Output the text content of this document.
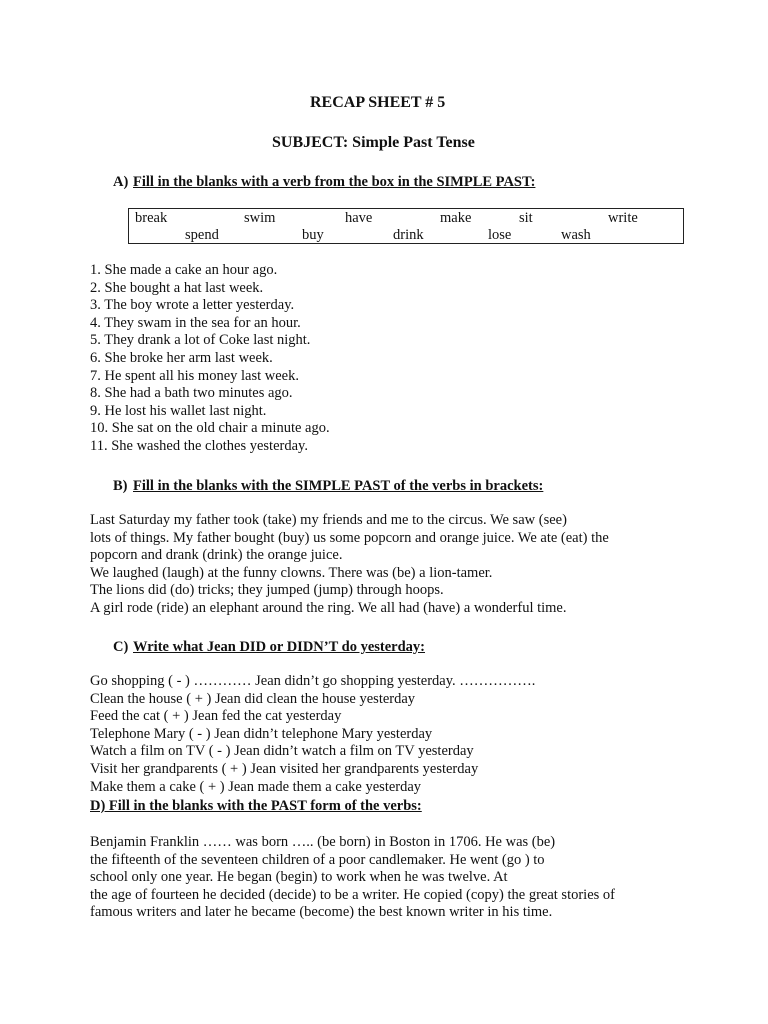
RECAP SHEET # 5
SUBJECT: Simple Past Tense
A) Fill in the blanks with a verb from the box in the SIMPLE PAST:
break	swim	have	make	sit	write
spend	buy	drink	lose	wash
1. She made a cake an hour ago.
2. She bought a hat last week.
3. The boy wrote a letter yesterday.
4. They swam in the sea for an hour.
5. They drank a lot of Coke last night.
6. She broke her arm last week.
7. He spent all his money last week.
8. She had a bath two minutes ago.
9. He lost his wallet last night.
10. She sat on the old chair a minute ago.
11. She washed the clothes yesterday.
B) Fill in the blanks with the SIMPLE PAST of the verbs in brackets:
Last Saturday my father took (take) my friends and me to the circus. We saw (see)
lots of things. My father bought (buy) us some popcorn and orange juice. We ate (eat) the
popcorn and drank (drink) the orange juice.
We laughed (laugh) at the funny clowns. There was (be) a lion-tamer.
The lions did (do) tricks; they jumped (jump) through hoops.
A girl rode (ride) an elephant around the ring. We all had (have) a wonderful time.
C) Write what Jean DID or DIDN’T do yesterday:
Go shopping ( - ) ………… Jean didn’t go shopping yesterday. …………….
Clean the house ( + ) Jean did clean the house yesterday
Feed the cat ( + ) Jean fed the cat yesterday
Telephone Mary ( - ) Jean didn’t telephone Mary yesterday
Watch a film on TV ( - ) Jean didn’t watch a film on TV yesterday
Visit her grandparents ( + ) Jean visited her grandparents yesterday
Make them a cake ( + ) Jean made them a cake yesterday
D) Fill in the blanks with the PAST form of the verbs:
Benjamin Franklin …… was born ….. (be born) in Boston in 1706. He was (be)
the fifteenth of the seventeen children of a poor candlemaker. He went (go ) to
school only one year. He began (begin) to work when he was twelve. At
the age of fourteen he decided (decide) to be a writer. He copied (copy) the great stories of
famous writers and later he became (become) the best known writer in his time.
